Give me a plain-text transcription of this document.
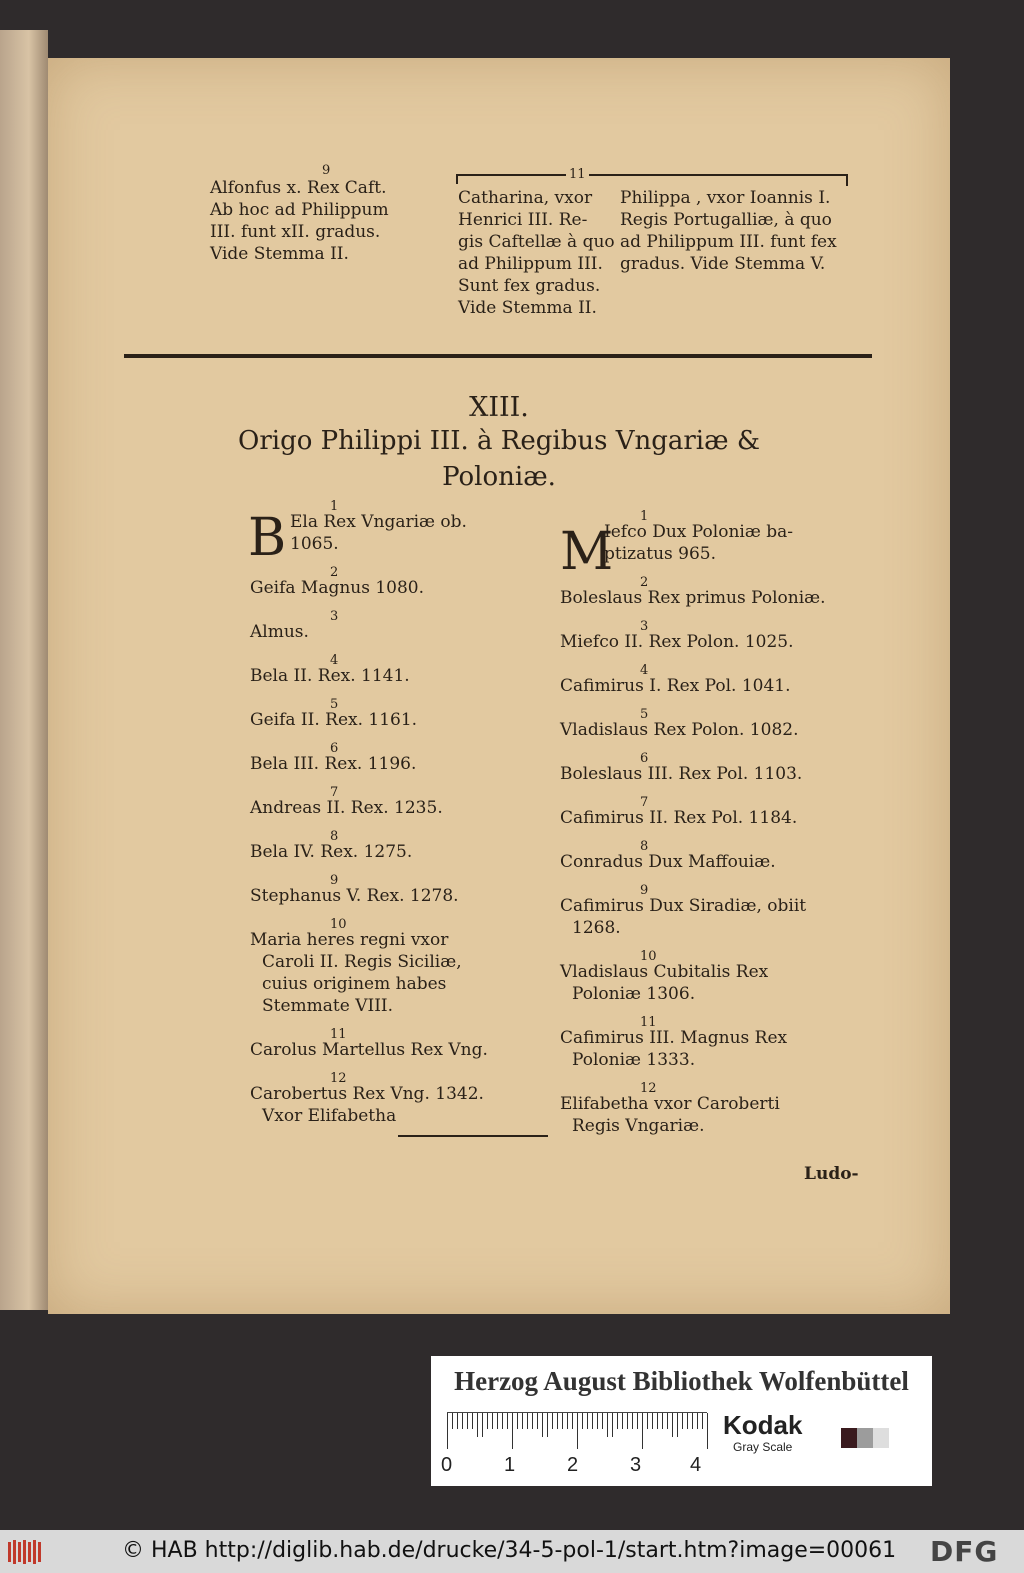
9
Alfonfus x. Rex Caft.
Ab hoc ad Philippum
III. funt xII. gradus.
Vide Stemma II.
11
Catharina, vxor
Henrici III. Re-
gis Caftellæ à quo
ad Philippum III.
Sunt fex gradus.
Vide Stemma II.
Philippa , vxor Ioannis I.
Regis Portugalliæ, à quo
ad Philippum III. funt fex
gradus. Vide Stemma V.
XIII.
Origo Philippi III. à Regibus Vngariæ &
Poloniæ.
B	M
1
Ela Rex Vngariæ ob.
1065.
2
Geifa Magnus 1080.
3
Almus.
4
Bela II. Rex. 1141.
5
Geifa II. Rex. 1161.
6
Bela III. Rex. 1196.
7
Andreas II. Rex. 1235.
8
Bela IV. Rex. 1275.
9
Stephanus V. Rex. 1278.
10
Maria heres regni vxor
Caroli II. Regis Siciliæ,
cuius originem habes
Stemmate VIII.
11
Carolus Martellus Rex Vng.
12
Carobertus Rex Vng. 1342.
Vxor Elifabetha
1
Iefco Dux Poloniæ ba-
ptizatus 965.
2
Boleslaus Rex primus Poloniæ.
3
Miefco II. Rex Polon. 1025.
4
Cafimirus I. Rex Pol. 1041.
5
Vladislaus Rex Polon. 1082.
6
Boleslaus III. Rex Pol. 1103.
7
Cafimirus II. Rex Pol. 1184.
8
Conradus Dux Maffouiæ.
9
Cafimirus Dux Siradiæ, obiit
1268.
10
Vladislaus Cubitalis Rex
Poloniæ 1306.
11
Cafimirus III. Magnus Rex
Poloniæ 1333.
12
Elifabetha vxor Caroberti
Regis Vngariæ.
Ludo-
Herzog August Bibliothek Wolfenbüttel
0	1	2	3 4
Kodak
Gray Scale
© HAB http://diglib.hab.de/drucke/34-5-pol-1/start.htm?image=00061 DFG
